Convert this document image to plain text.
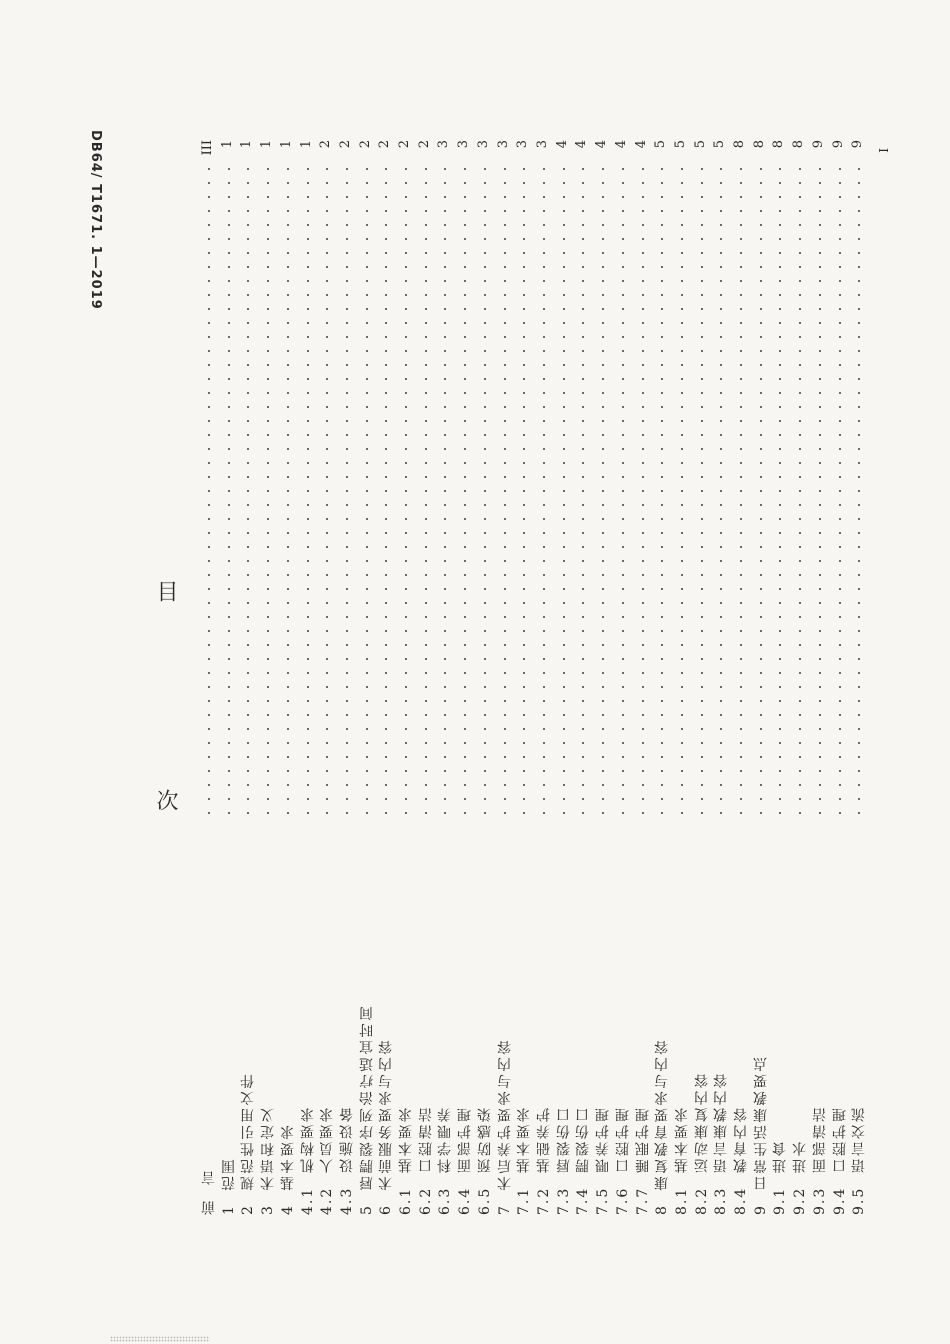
DB64/ T1671. 1—2019
目 次
前言
III
1范围
1
2规范性引用文件
1
3术语和定义
1
4基本要求
1
4.1机构要求
1
4.2人员要求
2
4.3设施设备
2
5唇腭裂序列治疗适宜时间
2
6术前服务要求与内容
2
6.1基本要求
2
6.2口腔清洁
2
6.3科学喂养
3
6.4面部护理
3
6.5预防感染
3
7术后养护要求与内容
3
7.1基本要求
3
7.2基础养护
3
7.3唇裂伤口
4
7.4腭裂伤口
4
7.5喂养护理
4
7.6口腔护理
4
7.7睡眠护理
4
8康复教育要求与内容
5
8.1基本要求
5
8.2运动康复内容
5
8.3语言康教内容
5
8.4教育内容
8
9日常生活康教要点
8
9.1进食
8
9.2进水
8
9.3面部清洁
9
9.4口腔护理
9
9.5语言交流
9
I
